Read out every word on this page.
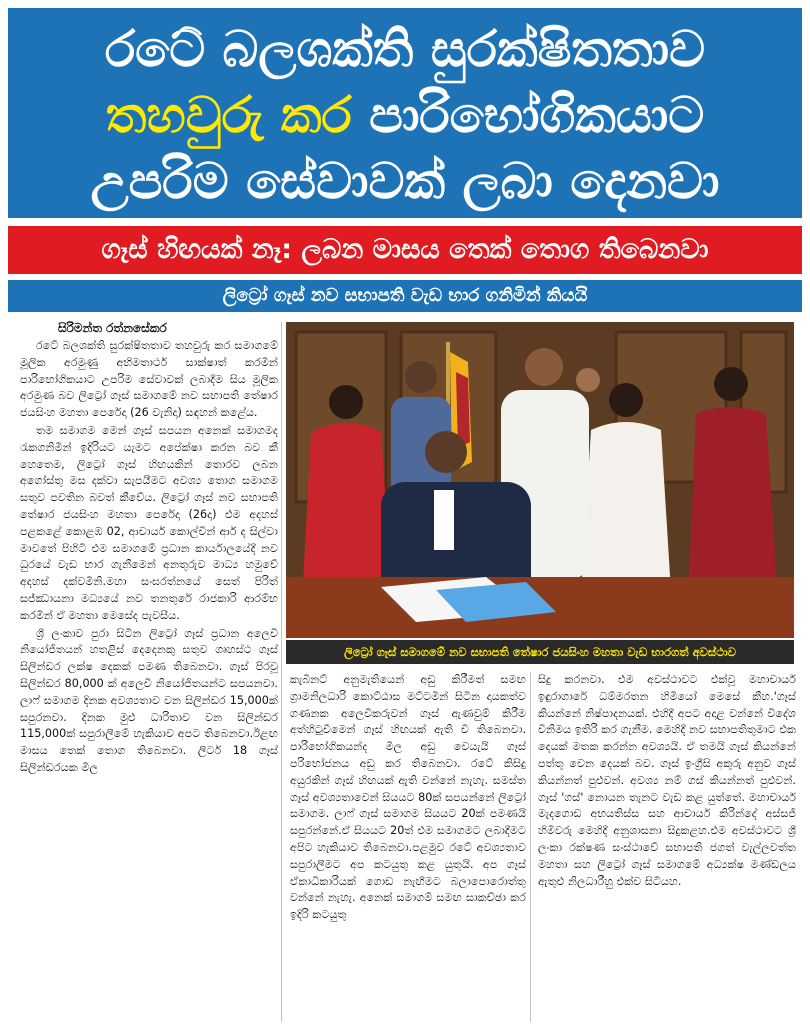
රටේ බලශක්ති සුරක්ෂිතතාව
තහවුරු කර පාරිභෝගිකයාට
උපරිම සේවාවක් ලබා දෙනවා
ගෑස් හිඟයක් නෑ: ලබන මාසය තෙක් තොග තිබෙනවා
ලිට්‍රෝ ගෑස් නව සභාපති වැඩ භාර ගනිමින් කියයි
සිරිමන්ත රත්නසේකර

රටේ බලශක්ති සුරක්ෂිතතාව තහවුරු කර සමාගමේ මූලික අරමුණු අභිමතාර්ථ සාක්ෂාත් කරමින් පාරිභෝගිකයාට උපරිම සේවාවක් ලබාදීම සිය මූලික අරමුණ බව ලිට්‍රෝ ගෑස් සමාගමේ නව සභාපති තේෂාර ජයසිංහ මහතා පෙරේදා (26 වැනිදා) සඳහන් කළේය.

තම සමාගම මෙන් ගෑස් සපයන අනෙක් සමාගමද රැකගනිමින් ඉදිරියට යැමට අපේක්ෂා කරන බව කී හෙතෙම, ලිට්‍රෝ ගෑස් හිඟයකින් තොරව ලබන අගෝස්තු මස දක්වා සැපයීමට අවශ්‍ය තොග සමාගම සතුව පවතින බවත් කීවේය. ලිට්‍රෝ ගෑස් නව සභාපති තේෂාර ජයසිංහ මහතා පෙරේදා (26දා) එම අදහස් පළකළේ කොළඹ 02, ආචාර්ය කොල්වින් ආර් ද සිල්වා මාවතේ පිහිටි එම සමාගමේ ප්‍රධාන කාර්යාලයේදී නව ධුරයේ වැඩ භාර ගැනීමෙන් අනතුරුව මාධ්‍ය හමුවේ අදහස් දක්වමිනි.මහා සංඝරත්නයේ සෙත් පිරිත් සජ්ඣායනා මධ්‍යයේ නව තනතුරේ රාජකාරි ආරම්භ කරමින් ඒ මහතා මෙසේද පැවසීය.

ශ්‍රී ලංකාව පුරා සිටින ලිට්‍රෝ ගෑස් ප්‍රධාන අලෙවි නියෝජිතයන් හතළිස් දෙදෙනකු සතුව ගෘහස්ථ ගෑස් සිලින්ඩර ලක්ෂ දෙකක් පමණ තිබෙනවා. ගෑස් පිරවූ සිලින්ඩර 80,000 ක් අලෙවි නියෝජිතයන්ට සපයනවා. ලාෆ් සමාගම දිනක අවශ්‍යතාව වන සිලින්ඩර 15,000ක් සපුරනවා. දිනක මුළු ධාරිතාව වන සිලින්ඩර 115,000ක් සපුරාලීමේ හැකියාව අපට තිබෙනවා.ඊළඟ මාසය තෙක් තොග තිබෙනවා. ලීටර් 18 ගෑස් සිලින්ඩරයක මිල

ලිට්‍රෝ ගෑස් සමාගමේ නව සභාපති තේෂාර ජයසිංහ මහතා වැඩ භාරගත් අවස්ථාව

කැබිනට් අනුමැතියෙන් අඩු කිරීමත් සමඟ ග්‍රාමනිලධාරි කොට්ඨාස මට්ටමින් සිටින දායකත්ව ගණනක අලෙවිකරුවන් ගෑස් ඇණවුම් කිරීම අත්හිටුවීමෙන් ගෑස් හිඟයක් ඇති වී තිබෙනවා. පාරිභෝගිකයන්ද මිල අඩු වෙයැයි ගෑස් පරිභෝජනය අඩු කර තිබෙනවා. රටේ කිසිදු අයුරකින් ගෑස් හිඟයක් ඇති වන්නේ නැහැ. සමස්ත ගෑස් අවශ්‍යතාවෙන් සියයට 80ක් සපයන්නේ ලිට්‍රෝ සමාගම. ලාෆ් ගෑස් සමාගම සියයට 20ක් පමණයි සපුරන්නේ.ඒ සියයට 20ත් එම සමාගමට ලබාදීමට අපිට හැකියාව තිබෙනවා.පළමුව රටේ අවශ්‍යතාව සපුරාලීමට අප කටයුතු කළ යුතුයි. අප ගෑස් ඒකාධිකාරියක් ගොඩ නැඟීමට බලාපොරොත්තු වන්නේ නැහැ. අනෙක් සමාගම් සමඟ සාකච්ඡා කර ඉදිරි කටයුතු

සිදු කරනවා. එම අවස්ථාවට එක්වූ මහාචාර්ය ඉඳුරාගාරේ ධම්මරතන හිමියෝ මෙසේ කීහ.'ගෑස් කියන්නේ නිෂ්පාදනයක්. එහිදී අපට අදාළ වන්නේ විදේශ විනිමය ඉතිරි කර ගැනීම. මෙහිදී නව සභාපතිතුමාට එක දෙයක් මතක කරන්න අවශ්‍යයි. ඒ තමයි ගෑස් කියන්නේ පත්තු වෙන දෙයක් බව. ගෑස් ඉංග්‍රීසි අකුරු අනුව ගෑස් කියන්නත් පුළුවන්. අවශ්‍ය නම් ගස් කියන්නත් පුළුවන්. ගෑස් 'ගස්' නොයන තැනට වැඩ කළ යුත්තේ. මහාචාර්ය මැදගොඩ අභයතිස්ස සහ ආචාර්ය කිරින්දේ අස්සජි හිමිවරු මෙහිදී අනුශාසනා සිදුකළහ.එම අවස්ථාවට ශ්‍රී ලංකා රක්ෂණ සංස්ථාවේ සභාපති ජගත් වැල්ලවත්ත මහතා සහ ලිට්‍රෝ ගෑස් සමාගමේ අධ්‍යක්ෂ මණ්ඩලය ඇතුළු නිලධාරීහු එක්ව සිටියහ.
